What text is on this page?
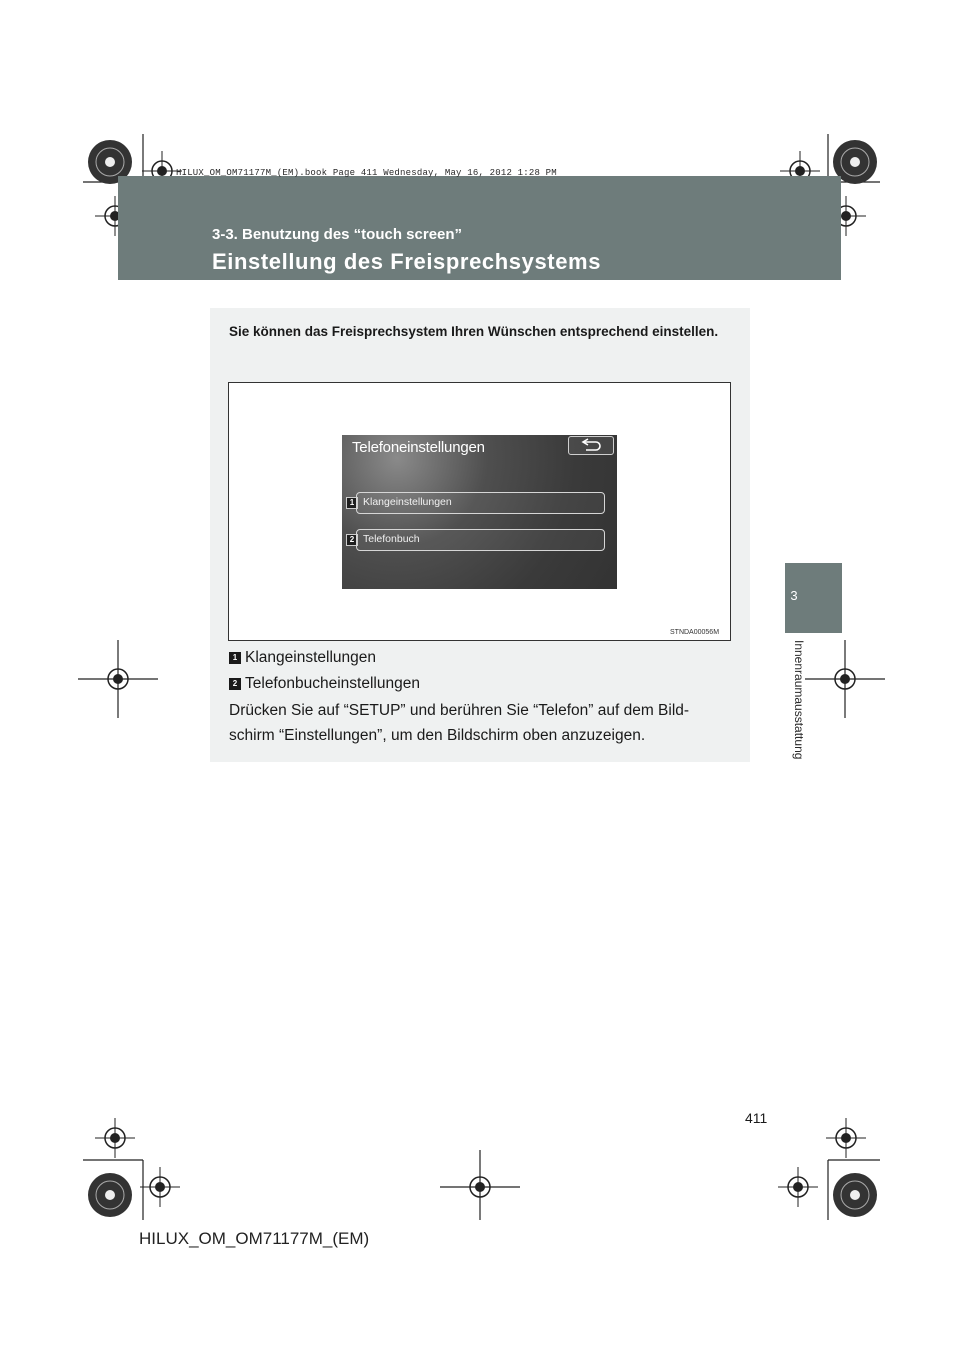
HILUX_OM_OM71177M_(EM).book Page 411 Wednesday, May 16, 2012 1:28 PM
3-3. Benutzung des “touch screen”
Einstellung des Freisprechsystems
3
Innenraumausstattung
Sie können das Freisprechsystem Ihren Wünschen entsprechend einstellen.
Telefoneinstellungen
1 Klangeinstellungen
2 Telefonbuch
STNDA00056M
1 Klangeinstellungen
2 Telefonbucheinstellungen
Drücken Sie auf “SETUP” und berühren Sie “Telefon” auf dem Bild-schirm “Einstellungen”, um den Bildschirm oben anzuzeigen.
411
HILUX_OM_OM71177M_(EM)
